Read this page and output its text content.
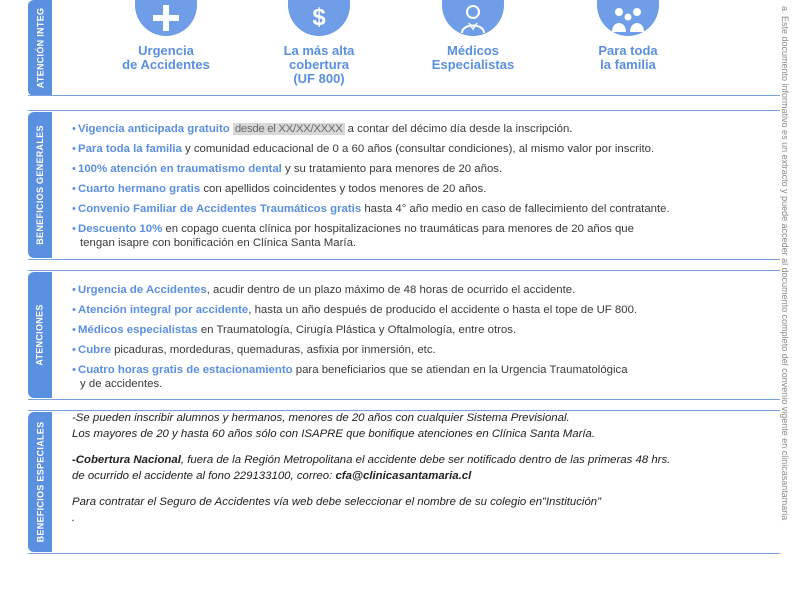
ATENCIÓN INTEG
BENEFICIOS GENERALES
ATENCIONES
BENEFICIOS ESPECIALES
Urgencia
de Accidentes
$
La más alta
cobertura
(UF 800)
Médicos
Especialistas
Para toda
la familia
• Vigencia anticipada gratuito desde el XX/XX/XXXX a contar del décimo día desde la inscripción.
• Para toda la familia y comunidad educacional de 0 a 60 años (consultar condiciones), al mismo valor por inscrito.
• 100% atención en traumatismo dental y su tratamiento para menores de 20 años.
• Cuarto hermano gratis con apellidos coincidentes y todos menores de 20 años.
• Convenio Familiar de Accidentes Traumáticos gratis hasta 4° año medio en caso de fallecimiento del contratante.
• Descuento 10% en copago cuenta clínica por hospitalizaciones no traumáticas para menores de 20 años que
tengan isapre con bonificación en Clínica Santa María.
• Urgencia de Accidentes, acudir dentro de un plazo máximo de 48 horas de ocurrido el accidente.
• Atención integral por accidente, hasta un año después de producido el accidente o hasta el tope de UF 800.
• Médicos especialistas en Traumatología, Cirugía Plástica y Oftalmología, entre otros.
• Cubre picaduras, mordeduras, quemaduras, asfixia por inmersión, etc.
• Cuatro horas gratis de estacionamiento para beneficiarios que se atiendan en la Urgencia Traumatológica
y de accidentes.

-Se pueden inscribir alumnos y hermanos, menores de 20 años con cualquier Sistema Previsional.

Los mayores de 20 y hasta 60 años sólo con ISAPRE que bonifique atenciones en Clínica Santa María.

-Cobertura Nacional, fuera de la Región Metropolitana el accidente debe ser notificado dentro de las primeras 48 hrs.

de ocurrido el accidente al fono 229133100, correo: cfa@clinicasantamaria.cl

Para contratar el Seguro de Accidentes vía web debe seleccionar el nombre de su colegio en”Institución”

.	a. Este documento informativo es un extracto y puede acceder al documento completo del convenio vigente en clinicasantamaria
